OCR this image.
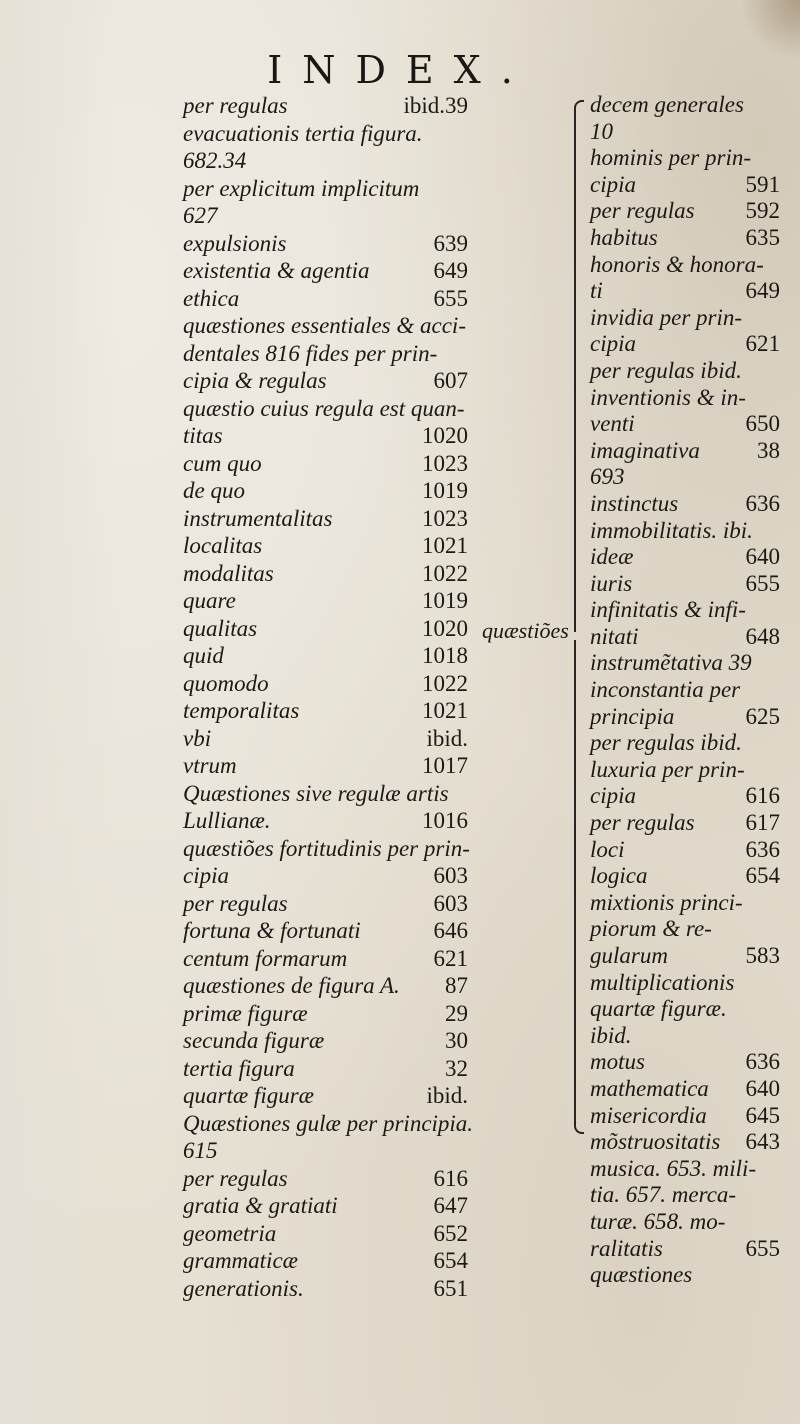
INDEX.
per regulas	ibid.39
evacuationis tertia figura.
682.34
per explicitum implicitum
627
expulsionis	639
existentia & agentia	649
ethica	655
quæstiones essentiales & acci-
dentales 816 fides per prin-
cipia & regulas	607
quæstio cuius regula est quan-
titas	1020
cum quo	1023
de quo	1019
instrumentalitas	1023
localitas	1021
modalitas	1022
quare	1019
qualitas	1020
quid	1018
quomodo	1022
temporalitas	1021
vbi	ibid.
vtrum	1017
Quæstiones sive regulæ artis
Lullianæ.	1016
quæstiões fortitudinis per prin-
cipia	603
per regulas	603
fortuna & fortunati	646
centum formarum	621
quæstiones de figura A. 87
primæ figuræ	29
secunda figuræ	30
tertia figura	32
quartæ figuræ	ibid.
Quæstiones gulæ per principia.
615
per regulas	616
gratia & gratiati	647
geometria	652
grammaticæ	654
generationis.	651
quæstiões
decem generales
10
hominis per prin-
cipia	591
per regulas 592
habitus	635
honoris & honora-
ti	649
invidia per prin-
cipia	621
per regulas ibid.
inventionis & in-
venti	650
imaginativa 38
693
instinctus	636
immobilitatis. ibi.
ideæ	640
iuris	655
infinitatis & infi-
nitati	648
instrumẽtativa 39
inconstantia per
principia	625
per regulas ibid.
luxuria per prin-
cipia	616
per regulas 617
loci	636
logica	654
mixtionis princi-
piorum & re-
gularum	583
multiplicationis
quartæ figuræ.
ibid.
motus	636
mathematica 640
misericordia 645
mõstruositatis 643
musica. 653. mili-
tia. 657. merca-
turæ. 658. mo-
ralitatis	655
quæstiones
